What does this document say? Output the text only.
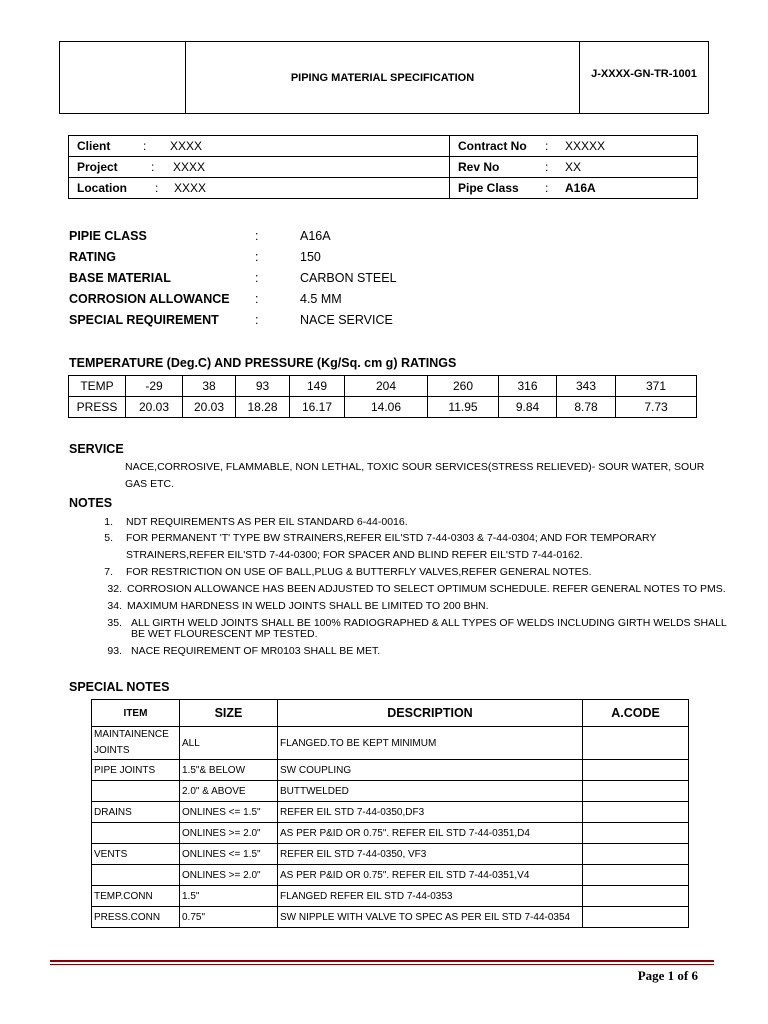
PIPING MATERIAL SPECIFICATION	J-XXXX-GN-TR-1001
Client : XXXX	Contract No : XXXXX
Project : XXXX	Rev No : XX
Location : XXXX	Pipe Class : A16A
PIPIE CLASS	:	A16A
RATING	:	150
BASE MATERIAL	:	CARBON STEEL
CORROSION ALLOWANCE :	4.5 MM
SPECIAL REQUIREMENT	:	NACE SERVICE
TEMPERATURE (Deg.C) AND PRESSURE (Kg/Sq. cm g) RATINGS
TEMP	-29	38	93	149	204	260	316	343	371
PRESS	20.03	20.03	18.28	16.17	14.06	11.95	9.84	8.78	7.73
SERVICE
NACE,CORROSIVE, FLAMMABLE, NON LETHAL, TOXIC SOUR SERVICES(STRESS RELIEVED)- SOUR WATER, SOUR GAS ETC.
NOTES
1. NDT REQUIREMENTS AS PER EIL STANDARD 6-44-0016.
5. FOR PERMANENT 'T' TYPE BW STRAINERS,REFER EIL'STD 7-44-0303 & 7-44-0304; AND FOR TEMPORARY
STRAINERS,REFER EIL'STD 7-44-0300; FOR SPACER AND BLIND REFER EIL'STD 7-44-0162.
7. FOR RESTRICTION ON USE OF BALL,PLUG & BUTTERFLY VALVES,REFER GENERAL NOTES.
32. CORROSION ALLOWANCE HAS BEEN ADJUSTED TO SELECT OPTIMUM SCHEDULE. REFER GENERAL NOTES TO PMS.
34. MAXIMUM HARDNESS IN WELD JOINTS SHALL BE LIMITED TO 200 BHN.
35. ALL GIRTH WELD JOINTS SHALL BE 100% RADIOGRAPHED & ALL TYPES OF WELDS INCLUDING GIRTH WELDS SHALL
BE WET FLOURESCENT MP TESTED.
93. NACE REQUIREMENT OF MR0103 SHALL BE MET.
SPECIAL NOTES
ITEM	SIZE	DESCRIPTION	A.CODE
MAINTAINENCE JOINTS	ALL	FLANGED.TO BE KEPT MINIMUM	
PIPE JOINTS	1.5"& BELOW	SW COUPLING	
	2.0" & ABOVE	BUTTWELDED	
DRAINS	ONLINES <= 1.5"	REFER EIL STD 7-44-0350,DF3	
	ONLINES >= 2.0"	AS PER P&ID OR 0.75". REFER EIL STD 7-44-0351,D4	
VENTS	ONLINES <= 1.5"	REFER EIL STD 7-44-0350, VF3	
	ONLINES >= 2.0"	AS PER P&ID OR 0.75". REFER EIL STD 7-44-0351,V4	
TEMP.CONN	1.5"	FLANGED REFER EIL STD 7-44-0353	
PRESS.CONN	0.75"	SW NIPPLE WITH VALVE TO SPEC AS PER EIL STD 7-44-0354	
Page 1 of 6
